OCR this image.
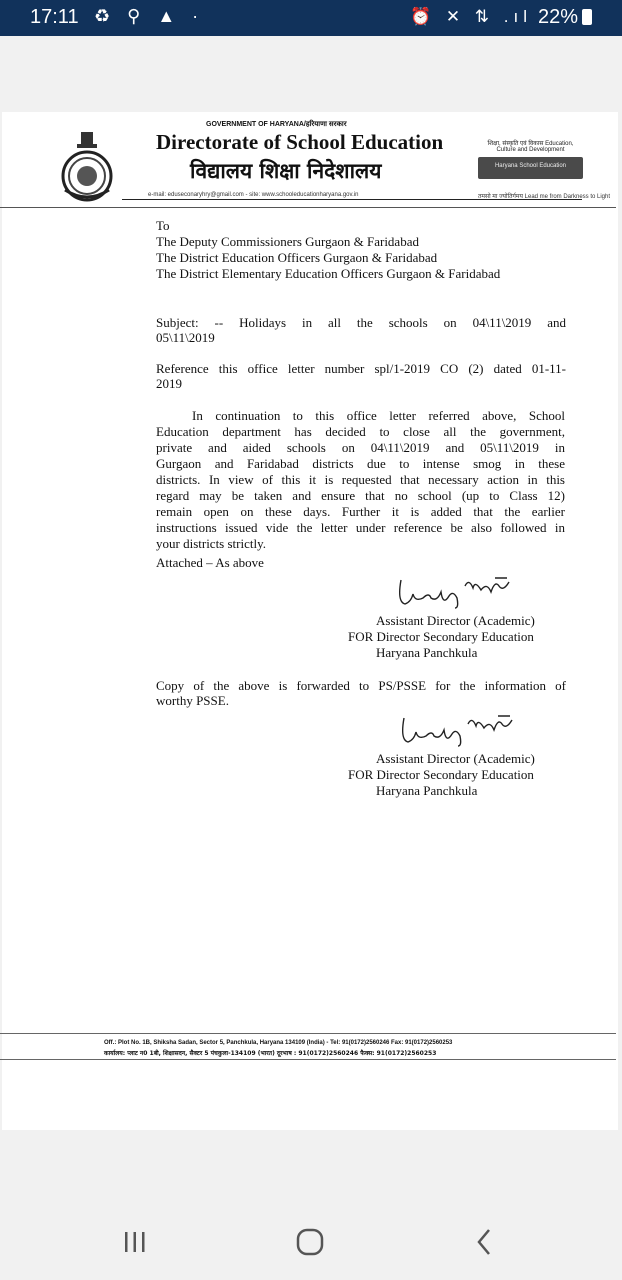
17:11 ♻ ⚲ ▲ ·	⏰ ✕ ⇅ .ıl 22%
GOVERNMENT OF HARYANA/हरियाणा सरकार
Directorate of School Education
विद्यालय शिक्षा निदेशालय
शिक्षा, संस्कृति एवं विकास Education, Culture and Development
Haryana School Education
e-mail: eduseconaryhry@gmail.com - site: www.schooleducationharyana.gov.in	तमसो मा ज्योतिर्गमय Lead me from Darkness to Light
To
The Deputy Commissioners Gurgaon & Faridabad
The District Education Officers Gurgaon & Faridabad
The District Elementary Education Officers Gurgaon & Faridabad
Subject: -- Holidays in all the schools on 04\11\2019 and
05\11\2019
Reference this office letter number spl/1-2019 CO (2) dated 01-11-
2019
In continuation to this office letter referred above, School
Education department has decided to close all the government,
private and aided schools on 04\11\2019 and 05\11\2019 in
Gurgaon and Faridabad districts due to intense smog in these
districts. In view of this it is requested that necessary action in this
regard may be taken and ensure that no school (up to Class 12)
remain open on these days. Further it is added that the earlier
instructions issued vide the letter under reference be also followed in
your districts strictly.
Attached – As above
Assistant Director (Academic)
FOR Director Secondary Education
Haryana Panchkula
Copy of the above is forwarded to PS/PSSE for the information of
worthy PSSE.
Assistant Director (Academic)
FOR Director Secondary Education
Haryana Panchkula
Off.: Plot No. 1B, Shiksha Sadan, Sector 5, Panchkula, Haryana 134109 (India) - Tel: 91(0172)2560246 Fax: 91(0172)2560253
कार्यालय: प्लाट न0 1बी, शिक्षासदन, सैक्टर 5 पंचकुला-134109 (भारत) दूरभाष : 91(0172)2560246 फैक्स: 91(0172)2560253
